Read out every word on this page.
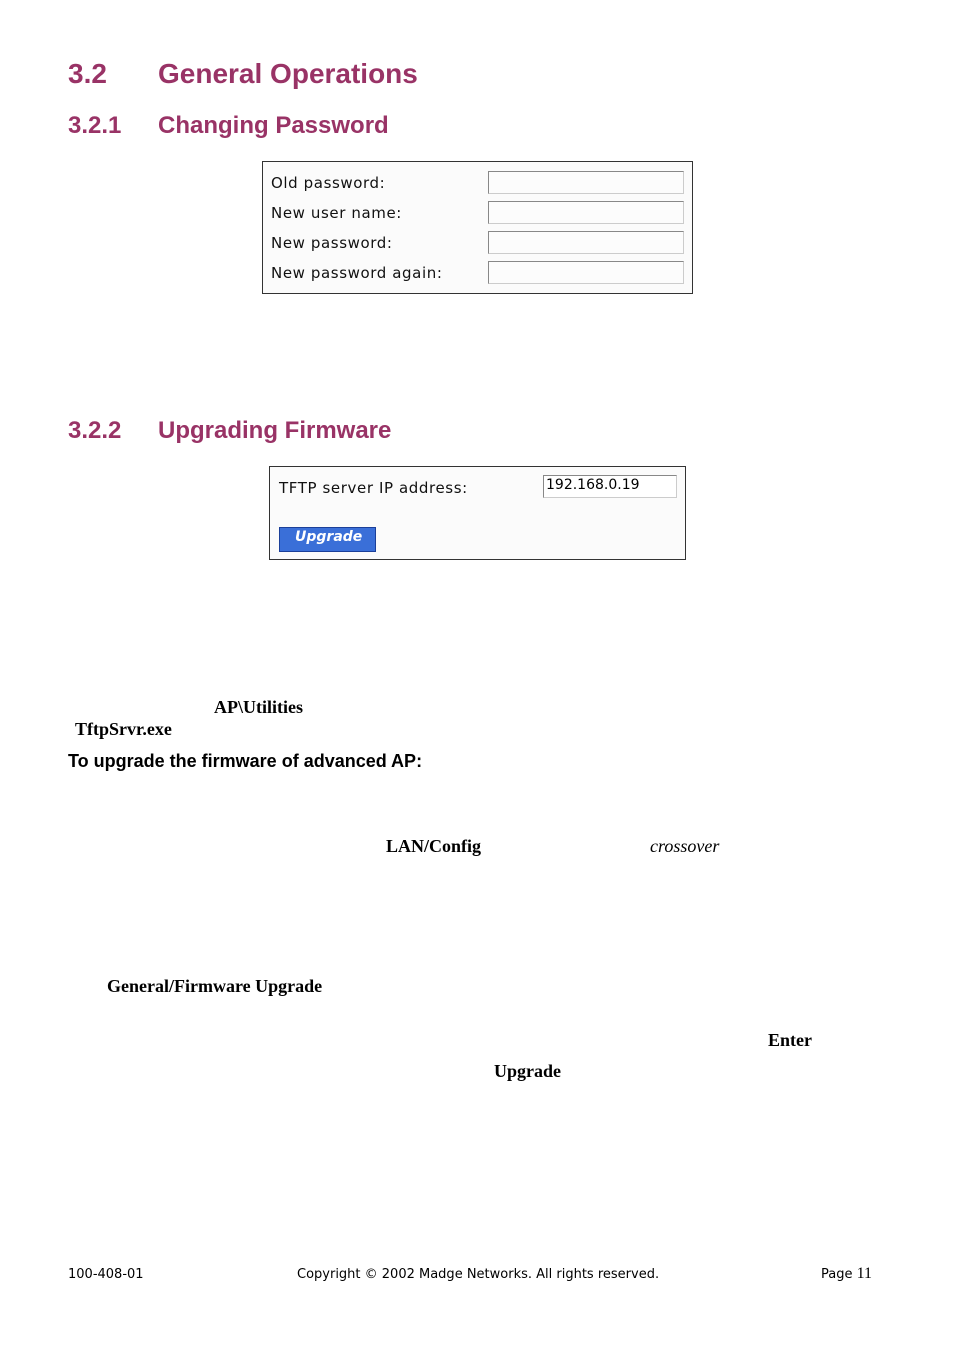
3.2 General Operations
3.2.1 Changing Password
Old password:
New user name:
New password:
New password again:
3.2.2 Upgrading Firmware
TFTP server IP address:	192.168.0.19
Upgrade
AP\Utilities
TftpSrvr.exe
To upgrade the firmware of advanced AP:
LAN/Config	crossover
General/Firmware Upgrade
Enter
Upgrade
100-408-01	Copyright © 2002 Madge Networks. All rights reserved.	Page 11
